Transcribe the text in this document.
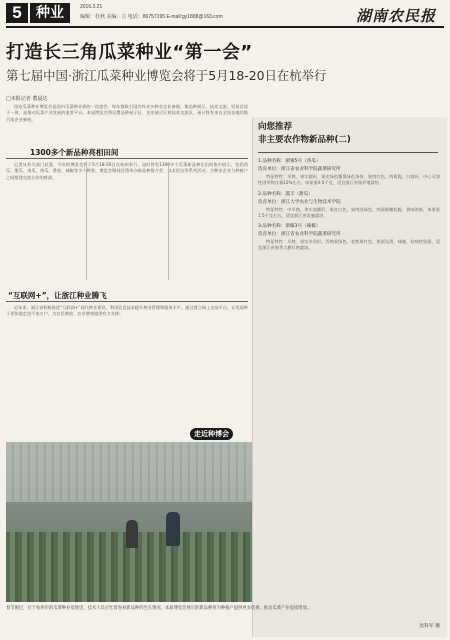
5	种业	2016.3.21
编辑：杜秋 美编：言 电话：86757195 E-mail:gy1888@163.com	湖南农民报
打造长三角瓜菜种业“第一会”
第七届中国·浙江瓜菜种业博览会将于5月18-20日在杭举行
□本报记者 董晨达

国家瓜菜种业博览会是国内瓜菜种业界的一次盛会，每年都吸引国内外众多种业企业参展，集品种展示、技术交流、贸易洽谈于一体，是推动瓜菜产业发展的重要平台。本届博览会将设置品种展示区、企业展示区和技术交流区，预计将有来自全国各地的数百家企业参展。

1300多个新品种亮相田间

记者从有关部门获悉，今年的博览会将于5月18-20日在杭州举行。届时将有1300多个瓜菜新品种在田间集中展示，包括西瓜、甜瓜、南瓜、黄瓜、番茄、辣椒等多个种类。博览会期间还将举办新品种推介会、技术论坛等系列活动，为种业企业与种植户之间搭建交流合作的桥梁。

“互联网+”，让浙江种业腾飞

近年来，浙江省积极推进“互联网+”现代种业建设，利用信息技术提升种业管理和服务水平。通过建立网上交易平台，让优质种子更快地走进千家万户，为农民增收、农业增效提供有力支撑。

走近种博会
向您推荐
非主要农作物新品种(二)
1.品种名称：浙蜜5号（西瓜）
选育单位：浙江省农业科学院蔬菜研究所

特征特性：早熟，果实圆形，果皮绿色覆墨绿色条带，果肉红色，肉质脆，口感好，中心可溶性固形物含量12%左右，单果重4-5千克，适宜浙江省保护地栽培。

2.品种名称：越丰（甜瓜）
选育单位：浙江大学农业与生物技术学院

特征特性：中早熟，果实高圆形，果皮白色，果肉浅绿色，肉质细嫩松脆，香味浓郁，单果重1.5千克左右，适宜浙江省设施栽培。

3.品种名称：浙椒3号（辣椒）
选育单位：浙江省农业科学院蔬菜研究所

特征特性：早熟，果实羊角形，青熟果绿色，老熟果红色，果面光滑，味辣，抗病性较强，适宜浙江省春季大棚早熟栽培。

春节刚过，位于杭州市的瓜菜种业基地里，技术人员正忙着查看新品种的生长情况。本届博览会展示的新品种将为种植户提供更多选择，推动瓜菜产业提质增效。
沈科军 摄
